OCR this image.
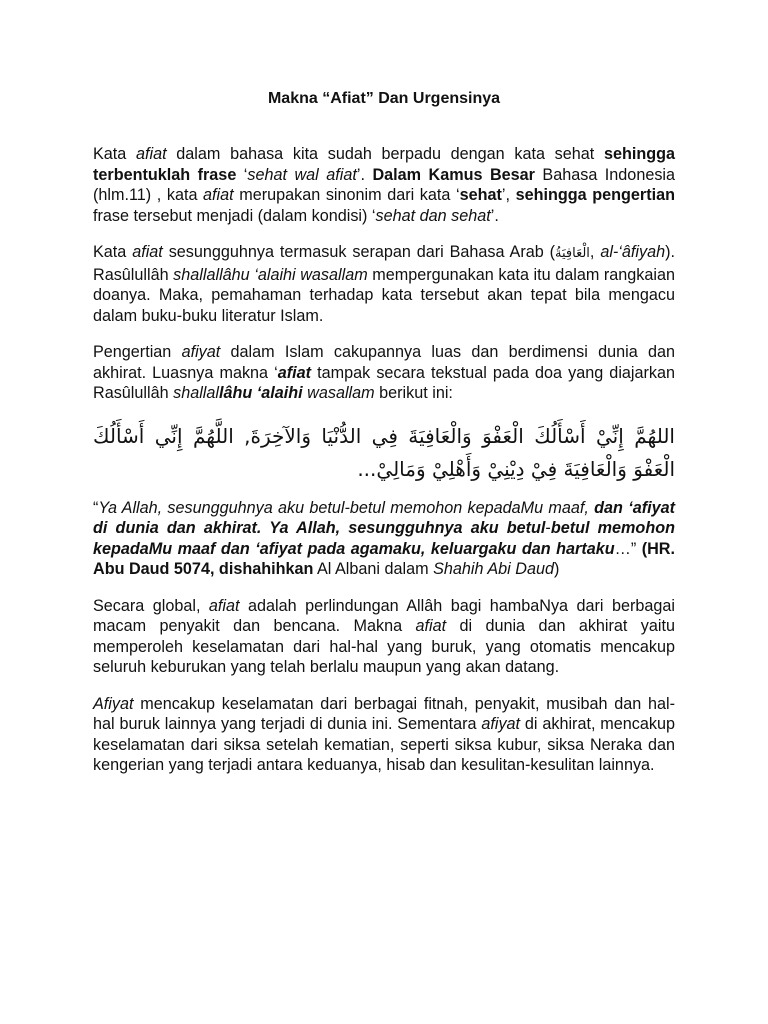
Makna “Afiat” Dan Urgensinya

Kata afiat dalam bahasa kita sudah berpadu dengan kata sehat sehingga terbentuklah frase ‘sehat wal afiat’. Dalam Kamus Besar Bahasa Indonesia (hlm.11) , kata afiat merupakan sinonim dari kata ‘sehat’, sehingga pengertian frase tersebut menjadi (dalam kondisi) ‘sehat dan sehat’.

Kata afiat sesungguhnya termasuk serapan dari Bahasa Arab (الْعَافِيَةُ, al-‘âfiyah). Rasûlullâh shallallâhu ‘alaihi wasallam mempergunakan kata itu dalam rangkaian doanya. Maka, pemahaman terhadap kata tersebut akan tepat bila mengacu dalam buku-buku literatur Islam.

Pengertian afiyat dalam Islam cakupannya luas dan berdimensi dunia dan akhirat. Luasnya makna ‘afiat tampak secara tekstual pada doa yang diajarkan Rasûlullâh shallallâhu ‘alaihi wasallam berikut ini:

اللهُمَّ إِنِّيْ أَسْأَلُكَ الْعَفْوَ وَالْعَافِيَةَ فِي الدُّنْيَا وَالآخِرَةَ, اللَّهُمَّ إِنِّي أَسْأَلُكَ الْعَفْوَ وَالْعَافِيَةَ فِيْ دِيْنِيْ وَأَهْلِيْ وَمَالِيْ...

“Ya Allah, sesungguhnya aku betul-betul memohon kepadaMu maaf, dan ‘afiyat di dunia dan akhirat. Ya Allah, sesungguhnya aku betul-betul memohon kepadaMu maaf dan ‘afiyat pada agamaku, keluargaku dan hartaku…” (HR. Abu Daud 5074, dishahihkan Al Albani dalam Shahih Abi Daud)

Secara global, afiat adalah perlindungan Allâh bagi hambaNya dari berbagai macam penyakit dan bencana. Makna afiat di dunia dan akhirat yaitu memperoleh keselamatan dari hal-hal yang buruk, yang otomatis mencakup seluruh keburukan yang telah berlalu maupun yang akan datang.

Afiyat mencakup keselamatan dari berbagai fitnah, penyakit, musibah dan hal-hal buruk lainnya yang terjadi di dunia ini. Sementara afiyat di akhirat, mencakup keselamatan dari siksa setelah kematian, seperti siksa kubur, siksa Neraka dan kengerian yang terjadi antara keduanya, hisab dan kesulitan-kesulitan lainnya.
